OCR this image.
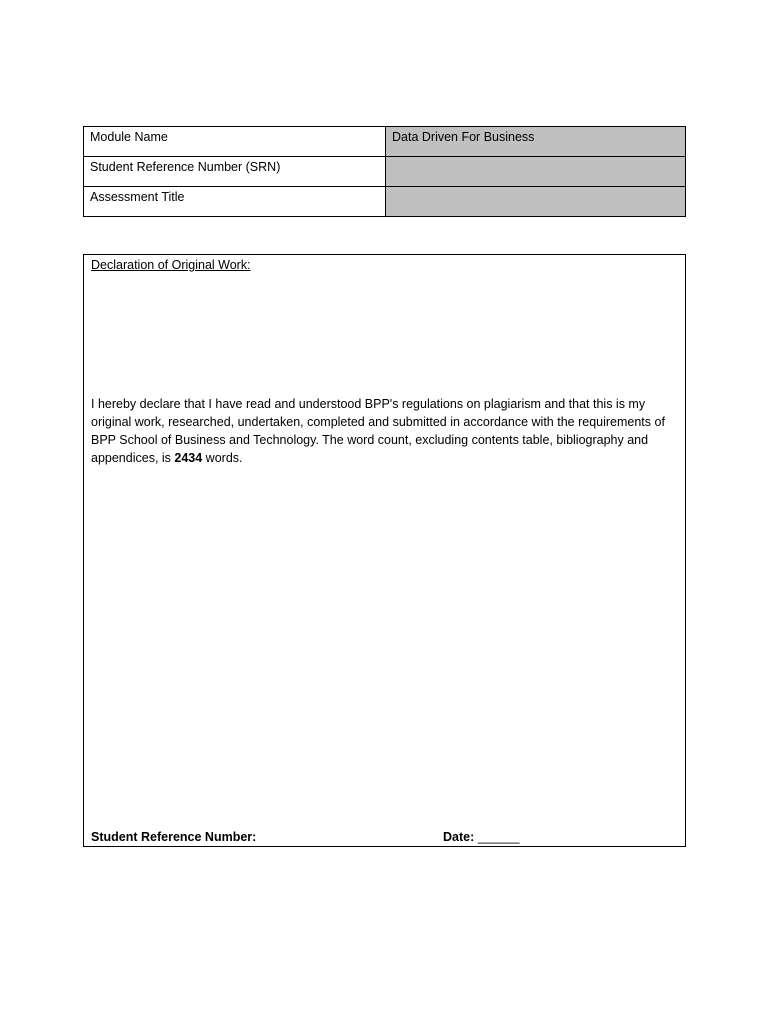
Module Name	Data Driven For Business
Student Reference Number (SRN)	
Assessment Title	
Declaration of Original Work:
I hereby declare that I have read and understood BPP's regulations on plagiarism and that this is my original work, researched, undertaken, completed and submitted in accordance with the requirements of BPP School of Business and Technology. The word count, excluding contents table, bibliography and appendices, is 2434 words.
Student Reference Number:	Date: ______
